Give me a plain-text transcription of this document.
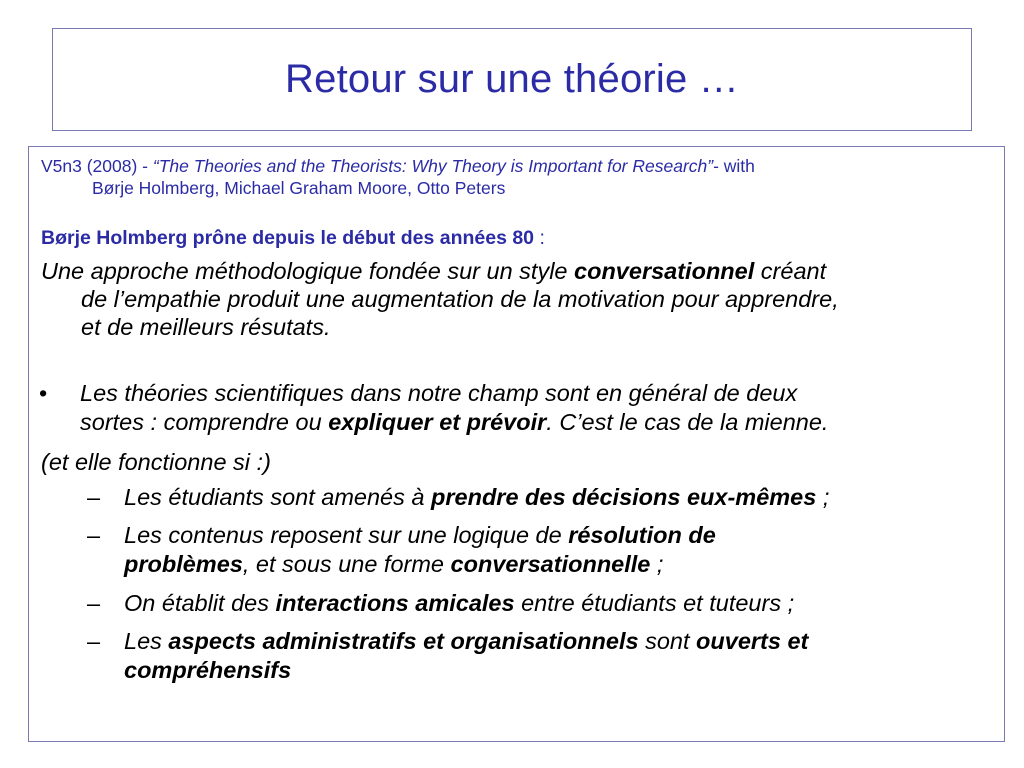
Retour sur une théorie …
V5n3 (2008) - “The Theories and the Theorists: Why Theory is Important for Research”- with
Børje Holmberg, Michael Graham Moore, Otto Peters
Børje Holmberg prône depuis le début des années 80 :
Une approche méthodologique fondée sur un style conversationnel créant
de l’empathie produit une augmentation de la motivation pour apprendre,
et de meilleurs résutats.
•	Les théories scientifiques dans notre champ sont en général de deux
sortes : comprendre ou expliquer et prévoir. C’est le cas de la mienne.
(et elle fonctionne si :)
–	Les étudiants sont amenés à prendre des décisions eux-mêmes ;
–	Les contenus reposent sur une logique de résolution de
problèmes, et sous une forme conversationnelle ;
–	On établit des interactions amicales entre étudiants et tuteurs ;
–	Les aspects administratifs et organisationnels sont ouverts et
compréhensifs
